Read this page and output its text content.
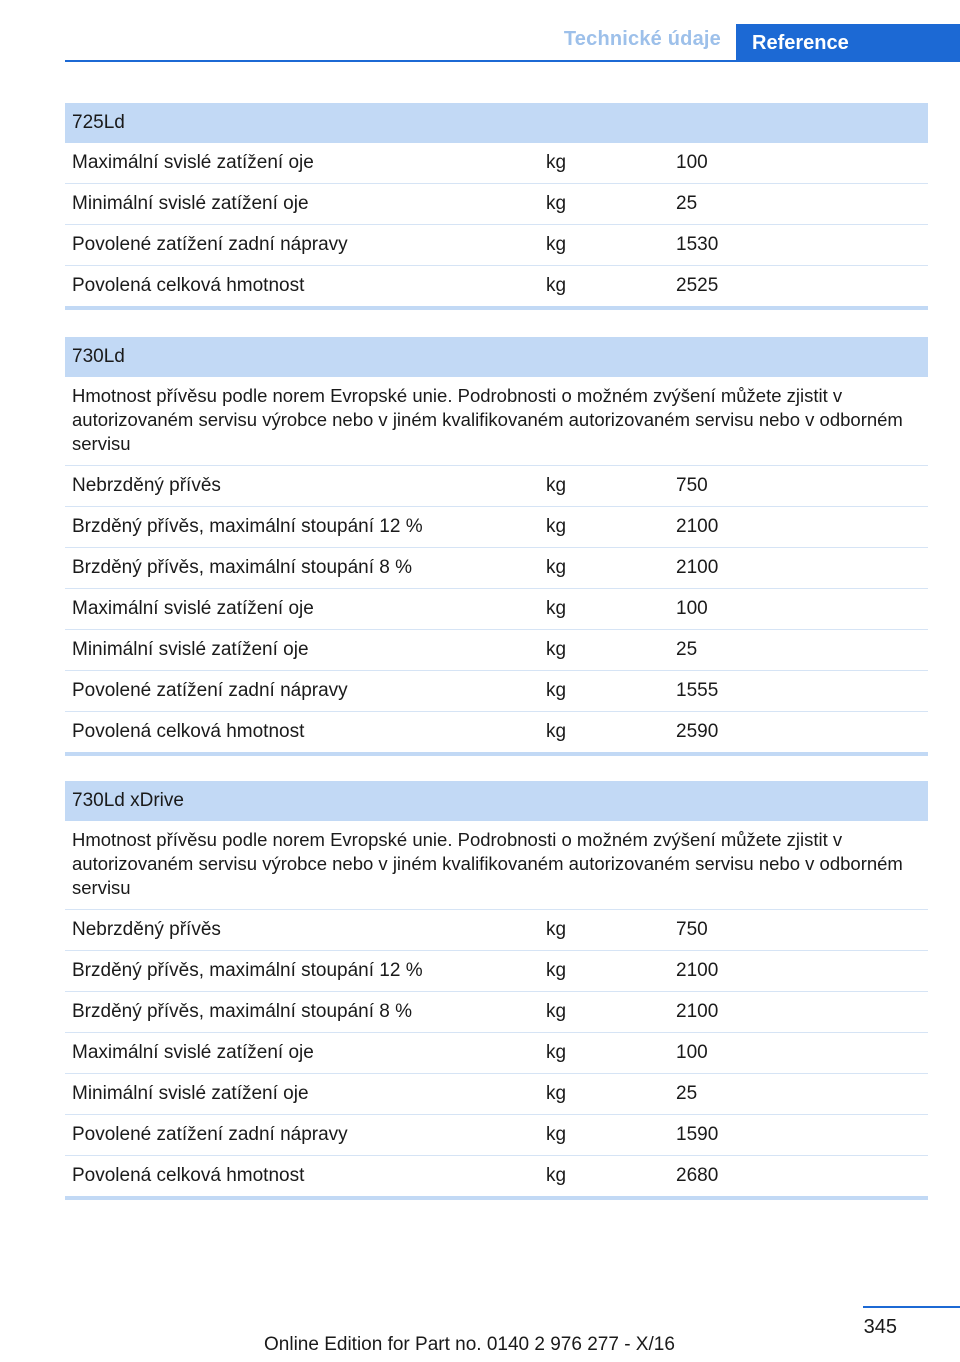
Technické údaje	Reference
725Ld
Maximální svislé zatížení oje	kg	100
Minimální svislé zatížení oje	kg	25
Povolené zatížení zadní nápravy	kg	1530
Povolená celková hmotnost	kg	2525
730Ld
Hmotnost přívěsu podle norem Evropské unie. Podrobnosti o možném zvýšení můžete zjistit v autorizovaném servisu výrobce nebo v jiném kvalifikovaném autorizovaném servisu nebo v odborném servisu
Nebrzděný přívěs	kg	750
Brzděný přívěs, maximální stoupání 12 %	kg	2100
Brzděný přívěs, maximální stoupání 8 %	kg	2100
Maximální svislé zatížení oje	kg	100
Minimální svislé zatížení oje	kg	25
Povolené zatížení zadní nápravy	kg	1555
Povolená celková hmotnost	kg	2590
730Ld xDrive
Hmotnost přívěsu podle norem Evropské unie. Podrobnosti o možném zvýšení můžete zjistit v autorizovaném servisu výrobce nebo v jiném kvalifikovaném autorizovaném servisu nebo v odborném servisu
Nebrzděný přívěs	kg	750
Brzděný přívěs, maximální stoupání 12 %	kg	2100
Brzděný přívěs, maximální stoupání 8 %	kg	2100
Maximální svislé zatížení oje	kg	100
Minimální svislé zatížení oje	kg	25
Povolené zatížení zadní nápravy	kg	1590
Povolená celková hmotnost	kg	2680
345
Online Edition for Part no. 0140 2 976 277 - X/16
